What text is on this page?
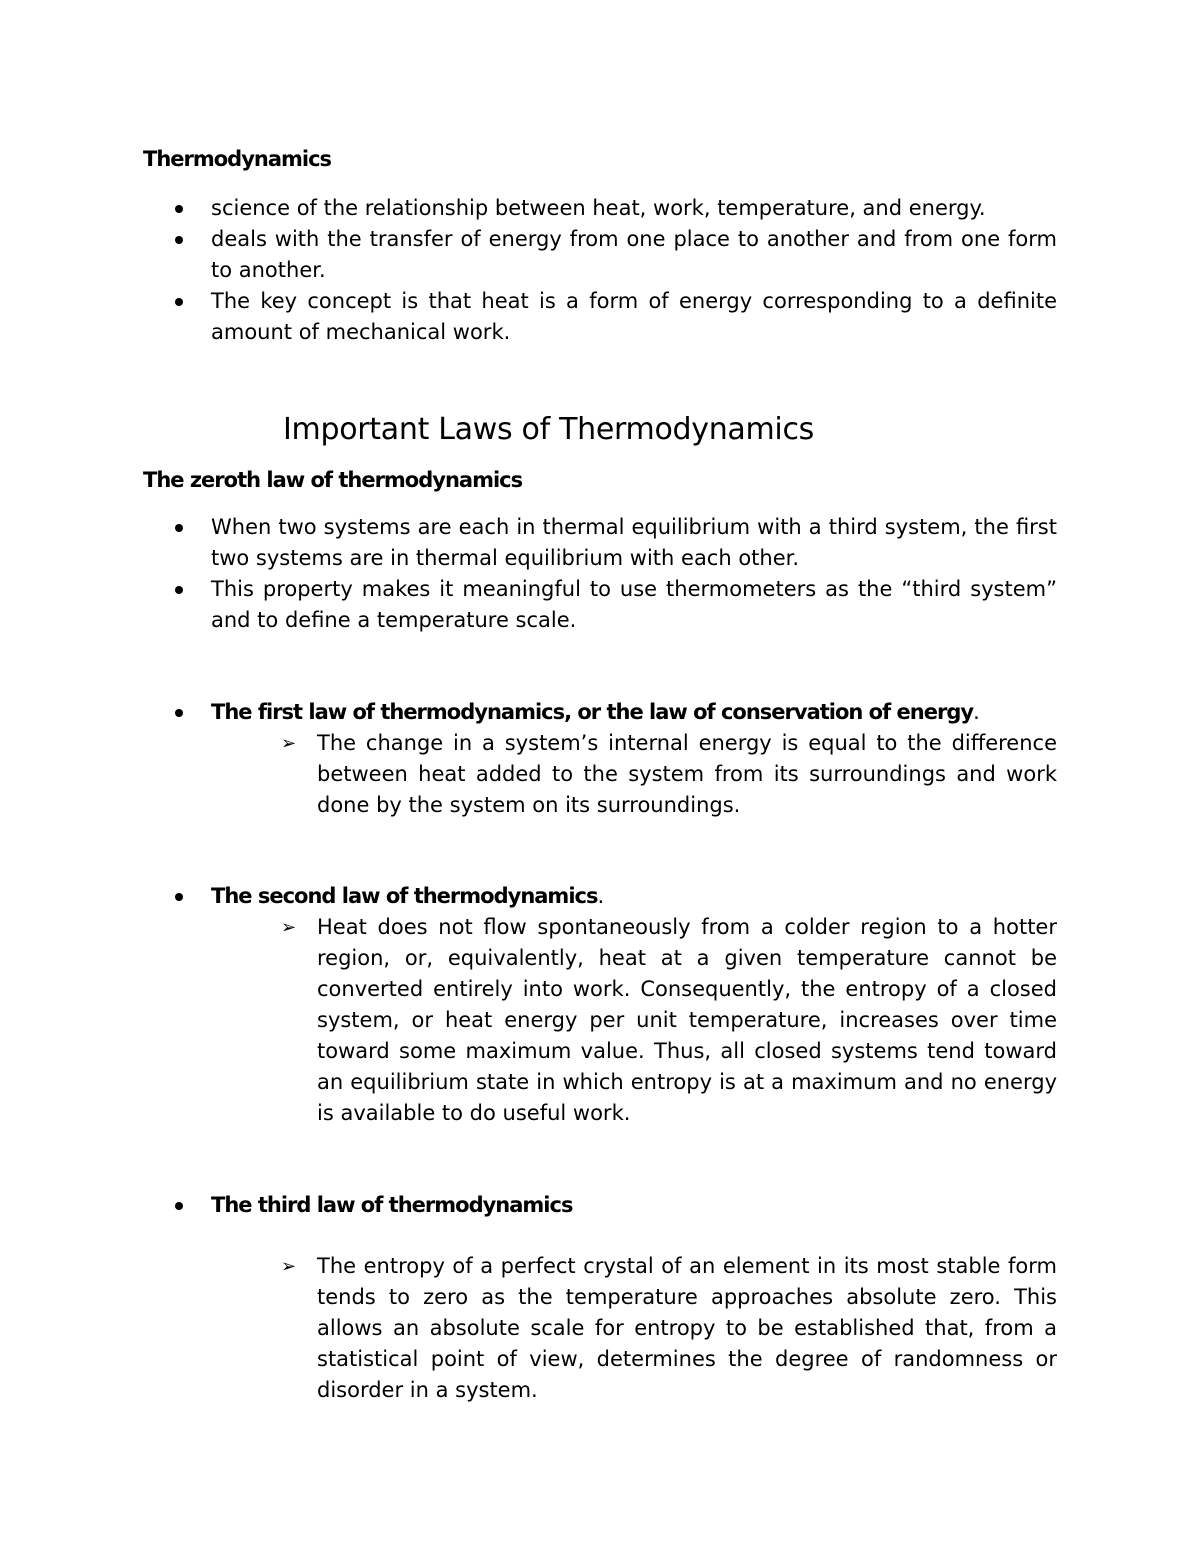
Thermodynamics
science of the relationship between heat, work, temperature, and energy.
deals with the transfer of energy from one place to another and from one form to another.
The key concept is that heat is a form of energy corresponding to a definite amount of mechanical work.
Important Laws of Thermodynamics
The zeroth law of thermodynamics
When two systems are each in thermal equilibrium with a third system, the first two systems are in thermal equilibrium with each other.
This property makes it meaningful to use thermometers as the “third system” and to define a temperature scale.
The first law of thermodynamics, or the law of conservation of energy.
➢ The change in a system’s internal energy is equal to the difference between heat added to the system from its surroundings and work done by the system on its surroundings.
The second law of thermodynamics.
➢ Heat does not flow spontaneously from a colder region to a hotter region, or, equivalently, heat at a given temperature cannot be converted entirely into work. Consequently, the entropy of a closed system, or heat energy per unit temperature, increases over time toward some maximum value. Thus, all closed systems tend toward an equilibrium state in which entropy is at a maximum and no energy is available to do useful work.
The third law of thermodynamics
➢ The entropy of a perfect crystal of an element in its most stable form tends to zero as the temperature approaches absolute zero. This allows an absolute scale for entropy to be established that, from a statistical point of view, determines the degree of randomness or disorder in a system.
